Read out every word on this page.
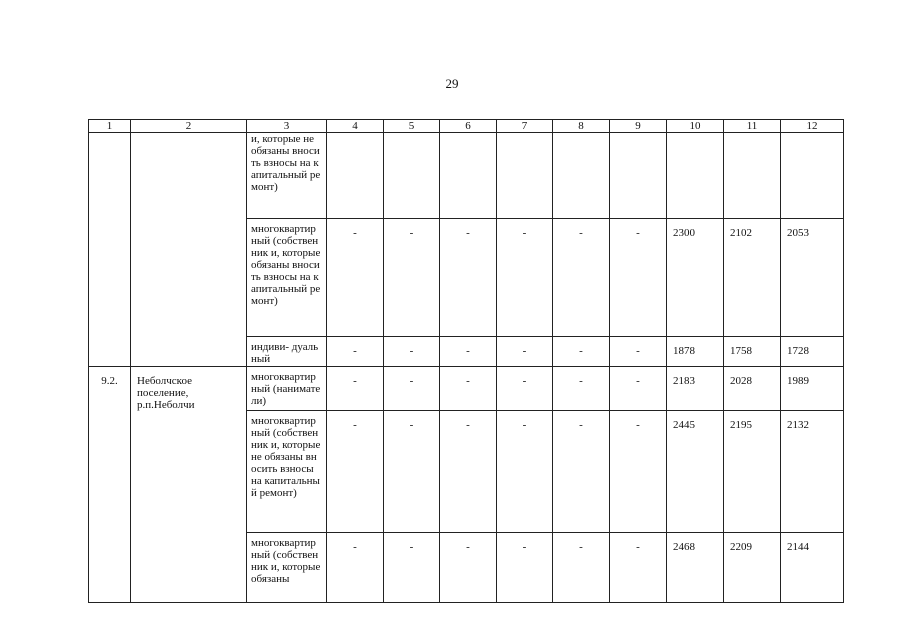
29
1	2	3	4	5	6	7	8	9	10	11	12
		и, которые не обязаны вносить взносы на капитальный ремонт)									
		многоквартир ный (собственник и, которые обязаны вносить взносы на капитальный ремонт)	-	-	-	-	-	-	2300	2102	2053
		индиви- дуальный	-	-	-	-	-	-	1878	1758	1728
9.2.	Неболчское поселение, р.п.Неболчи	многоквартир ный (наниматели)	-	-	-	-	-	-	2183	2028	1989
		многоквартир ный (собственник и, которые не обязаны вносить взносы на капитальный ремонт)	-	-	-	-	-	-	2445	2195	2132
		многоквартир ный (собственник и, которые обязаны	-	-	-	-	-	-	2468	2209	2144
